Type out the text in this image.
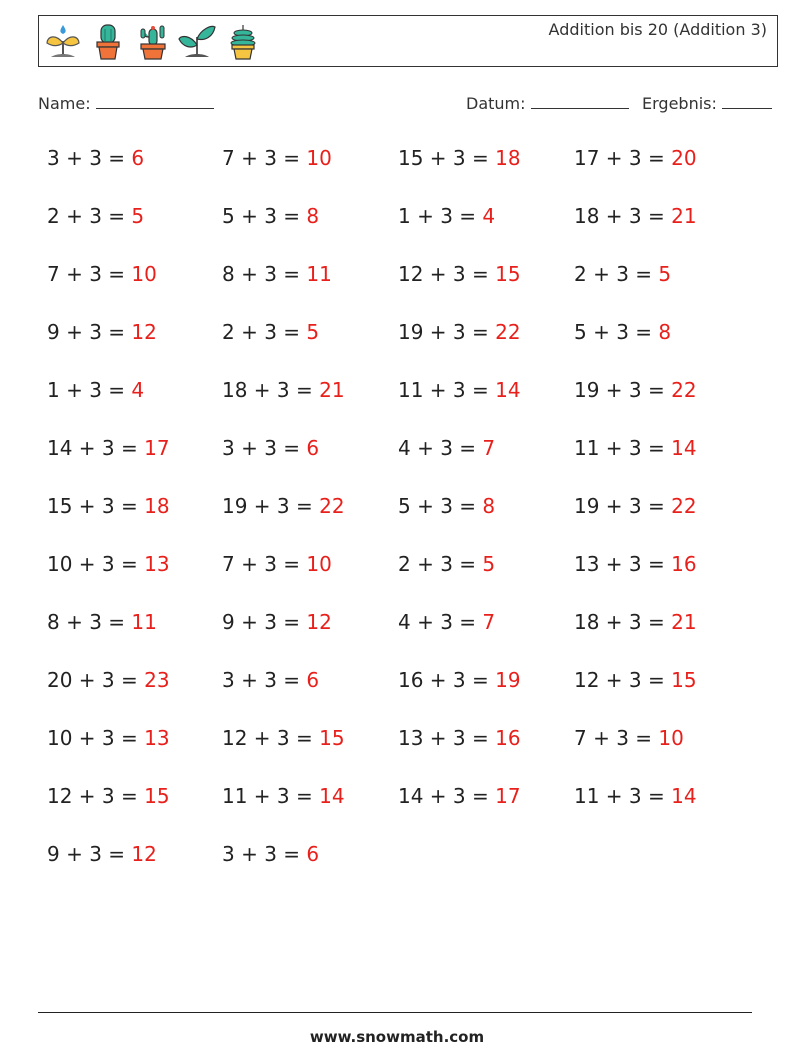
Addition bis 20 (Addition 3)
Name:	Datum:	Ergebnis:
3 + 3 = 6	7 + 3 = 10	15 + 3 = 18	17 + 3 = 20
2 + 3 = 5	5 + 3 = 8	1 + 3 = 4	18 + 3 = 21
7 + 3 = 10	8 + 3 = 11	12 + 3 = 15	2 + 3 = 5
9 + 3 = 12	2 + 3 = 5	19 + 3 = 22	5 + 3 = 8
1 + 3 = 4	18 + 3 = 21	11 + 3 = 14	19 + 3 = 22
14 + 3 = 17	3 + 3 = 6	4 + 3 = 7	11 + 3 = 14
15 + 3 = 18	19 + 3 = 22	5 + 3 = 8	19 + 3 = 22
10 + 3 = 13	7 + 3 = 10	2 + 3 = 5	13 + 3 = 16
8 + 3 = 11	9 + 3 = 12	4 + 3 = 7	18 + 3 = 21
20 + 3 = 23	3 + 3 = 6	16 + 3 = 19	12 + 3 = 15
10 + 3 = 13	12 + 3 = 15	13 + 3 = 16	7 + 3 = 10
12 + 3 = 15	11 + 3 = 14	14 + 3 = 17	11 + 3 = 14
9 + 3 = 12	3 + 3 = 6
www.snowmath.com
